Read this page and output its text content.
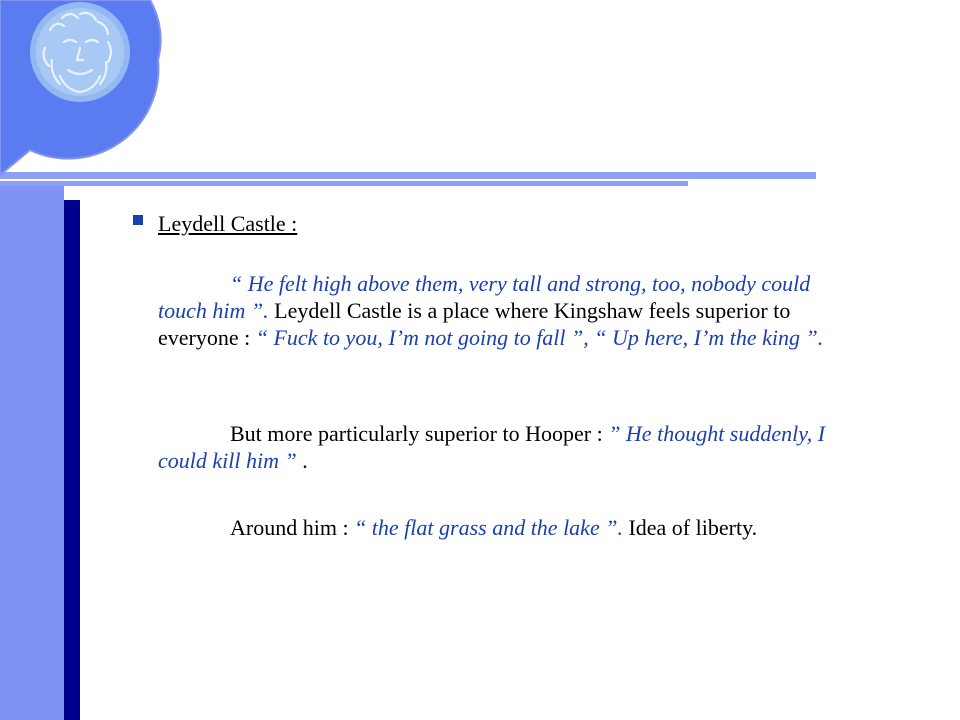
Leydell Castle :
“ He felt high above them, very tall and strong, too, nobody could touch him ”. Leydell Castle is a place where Kingshaw feels superior to everyone : “ Fuck to you, I’m not going to fall ”, “ Up here, I’m the king ”.
But more particularly superior to Hooper : ” He thought suddenly, I could kill him ” .
Around him : “ the flat grass and the lake ”. Idea of liberty.
